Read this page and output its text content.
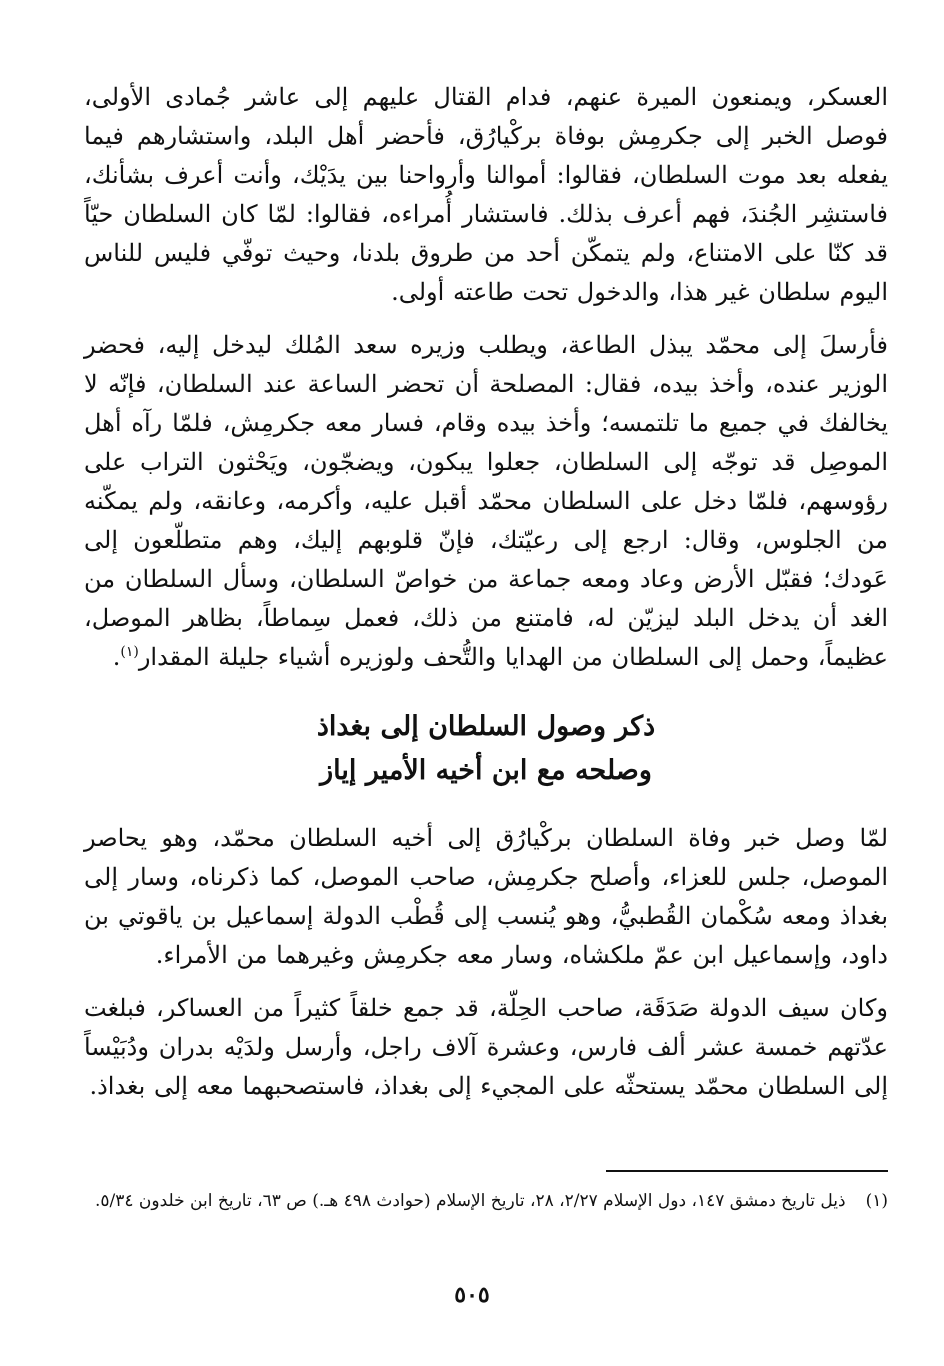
العسكر، ويمنعون الميرة عنهم، فدام القتال عليهم إلى عاشر جُمادى الأولى، فوصل الخبر إلى جكرمِش بوفاة بركْيارُق، فأحضر أهل البلد، واستشارهم فيما يفعله بعد موت السلطان، فقالوا: أموالنا وأرواحنا بين يدَيْك، وأنت أعرف بشأنك، فاستشِر الجُندَ، فهم أعرف بذلك. فاستشار أُمراءه، فقالوا: لمّا كان السلطان حيّاً قد كنّا على الامتناع، ولم يتمكّن أحد من طروق بلدنا، وحيث توفّي فليس للناس اليوم سلطان غير هذا، والدخول تحت طاعته أولى.

فأرسلَ إلى محمّد يبذل الطاعة، ويطلب وزيره سعد المُلك ليدخل إليه، فحضر الوزير عنده، وأخذ بيده، فقال: المصلحة أن تحضر الساعة عند السلطان، فإنّه لا يخالفك في جميع ما تلتمسه؛ وأخذ بيده وقام، فسار معه جكرمِش، فلمّا رآه أهل الموصِل قد توجّه إلى السلطان، جعلوا يبكون، ويضجّون، ويَحْثون التراب على رؤوسهم، فلمّا دخل على السلطان محمّد أقبل عليه، وأكرمه، وعانقه، ولم يمكّنه من الجلوس، وقال: ارجع إلى رعيّتك، فإنّ قلوبهم إليك، وهم متطلّعون إلى عَودك؛ فقبّل الأرض وعاد ومعه جماعة من خواصّ السلطان، وسأل السلطان من الغد أن يدخل البلد ليزيّن له، فامتنع من ذلك، فعمل سِماطاً، بظاهر الموصل، عظيماً، وحمل إلى السلطان من الهدايا والتُّحف ولوزيره أشياء جليلة المقدار$^{(١)}$.

ذكر وصول السلطان إلى بغداذ
وصلحه مع ابن أخيه الأمير إياز

لمّا وصل خبر وفاة السلطان بركْيارُق إلى أخيه السلطان محمّد، وهو يحاصر الموصل، جلس للعزاء، وأصلح جكرمِش، صاحب الموصل، كما ذكرناه، وسار إلى بغداذ ومعه سُكْمان القُطبيُّ، وهو يُنسب إلى قُطْب الدولة إسماعيل بن ياقوتي بن داود، وإسماعيل ابن عمّ ملكشاه، وسار معه جكرمِش وغيرهما من الأمراء.

وكان سيف الدولة صَدَقَة، صاحب الحِلّة، قد جمع خلقاً كثيراً من العساكر، فبلغت عدّتهم خمسة عشر ألف فارس، وعشرة آلاف راجل، وأرسل ولدَيْه بدران ودُبَيْساً إلى السلطان محمّد يستحثّه على المجيء إلى بغداذ، فاستصحبهما معه إلى بغداذ.

(١)
ذيل تاريخ دمشق ١٤٧، دول الإسلام ٢/٢٧، ٢٨، تاريخ الإسلام (حوادث ٤٩٨ هـ.) ص ٦٣، تاريخ ابن خلدون ٥/٣٤.
٥٠٥
